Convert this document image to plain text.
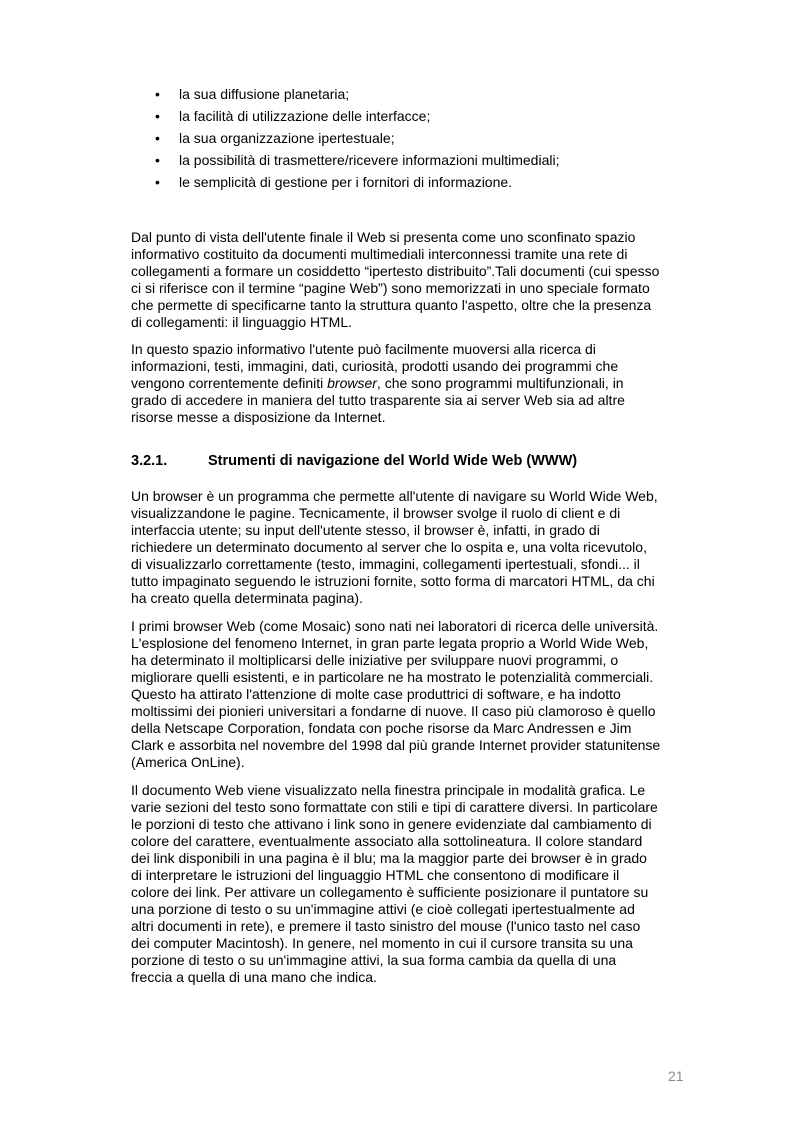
• la sua diffusione planetaria;
• la facilità di utilizzazione delle interfacce;
• la sua organizzazione ipertestuale;
• la possibilità di trasmettere/ricevere informazioni multimediali;
• le semplicità di gestione per i fornitori di informazione.

Dal punto di vista dell'utente finale il Web si presenta come uno sconfinato spazio
informativo costituito da documenti multimediali interconnessi tramite una rete di
collegamenti a formare un cosiddetto “ipertesto distribuito”.Tali documenti (cui spesso
ci si riferisce con il termine “pagine Web”) sono memorizzati in uno speciale formato
che permette di specificarne tanto la struttura quanto l'aspetto, oltre che la presenza
di collegamenti: il linguaggio HTML.

In questo spazio informativo l'utente può facilmente muoversi alla ricerca di
informazioni, testi, immagini, dati, curiosità, prodotti usando dei programmi che
vengono correntemente definiti browser, che sono programmi multifunzionali, in
grado di accedere in maniera del tutto trasparente sia ai server Web sia ad altre
risorse messe a disposizione da Internet.

3.2.1.	Strumenti di navigazione del World Wide Web (WWW)

Un browser è un programma che permette all'utente di navigare su World Wide Web,
visualizzandone le pagine. Tecnicamente, il browser svolge il ruolo di client e di
interfaccia utente; su input dell'utente stesso, il browser è, infatti, in grado di
richiedere un determinato documento al server che lo ospita e, una volta ricevutolo,
di visualizzarlo correttamente (testo, immagini, collegamenti ipertestuali, sfondi... il
tutto impaginato seguendo le istruzioni fornite, sotto forma di marcatori HTML, da chi
ha creato quella determinata pagina).

I primi browser Web (come Mosaic) sono nati nei laboratori di ricerca delle università.
L'esplosione del fenomeno Internet, in gran parte legata proprio a World Wide Web,
ha determinato il moltiplicarsi delle iniziative per sviluppare nuovi programmi, o
migliorare quelli esistenti, e in particolare ne ha mostrato le potenzialità commerciali.
Questo ha attirato l'attenzione di molte case produttrici di software, e ha indotto
moltissimi dei pionieri universitari a fondarne di nuove. Il caso più clamoroso è quello
della Netscape Corporation, fondata con poche risorse da Marc Andressen e Jim
Clark e assorbita nel novembre del 1998 dal più grande Internet provider statunitense
(America OnLine).

Il documento Web viene visualizzato nella finestra principale in modalità grafica. Le
varie sezioni del testo sono formattate con stili e tipi di carattere diversi. In particolare
le porzioni di testo che attivano i link sono in genere evidenziate dal cambiamento di
colore del carattere, eventualmente associato alla sottolineatura. Il colore standard
dei link disponibili in una pagina è il blu; ma la maggior parte dei browser è in grado
di interpretare le istruzioni del linguaggio HTML che consentono di modificare il
colore dei link. Per attivare un collegamento è sufficiente posizionare il puntatore su
una porzione di testo o su un'immagine attivi (e cioè collegati ipertestualmente ad
altri documenti in rete), e premere il tasto sinistro del mouse (l'unico tasto nel caso
dei computer Macintosh). In genere, nel momento in cui il cursore transita su una
porzione di testo o su un'immagine attivi, la sua forma cambia da quella di una
freccia a quella di una mano che indica.

21
